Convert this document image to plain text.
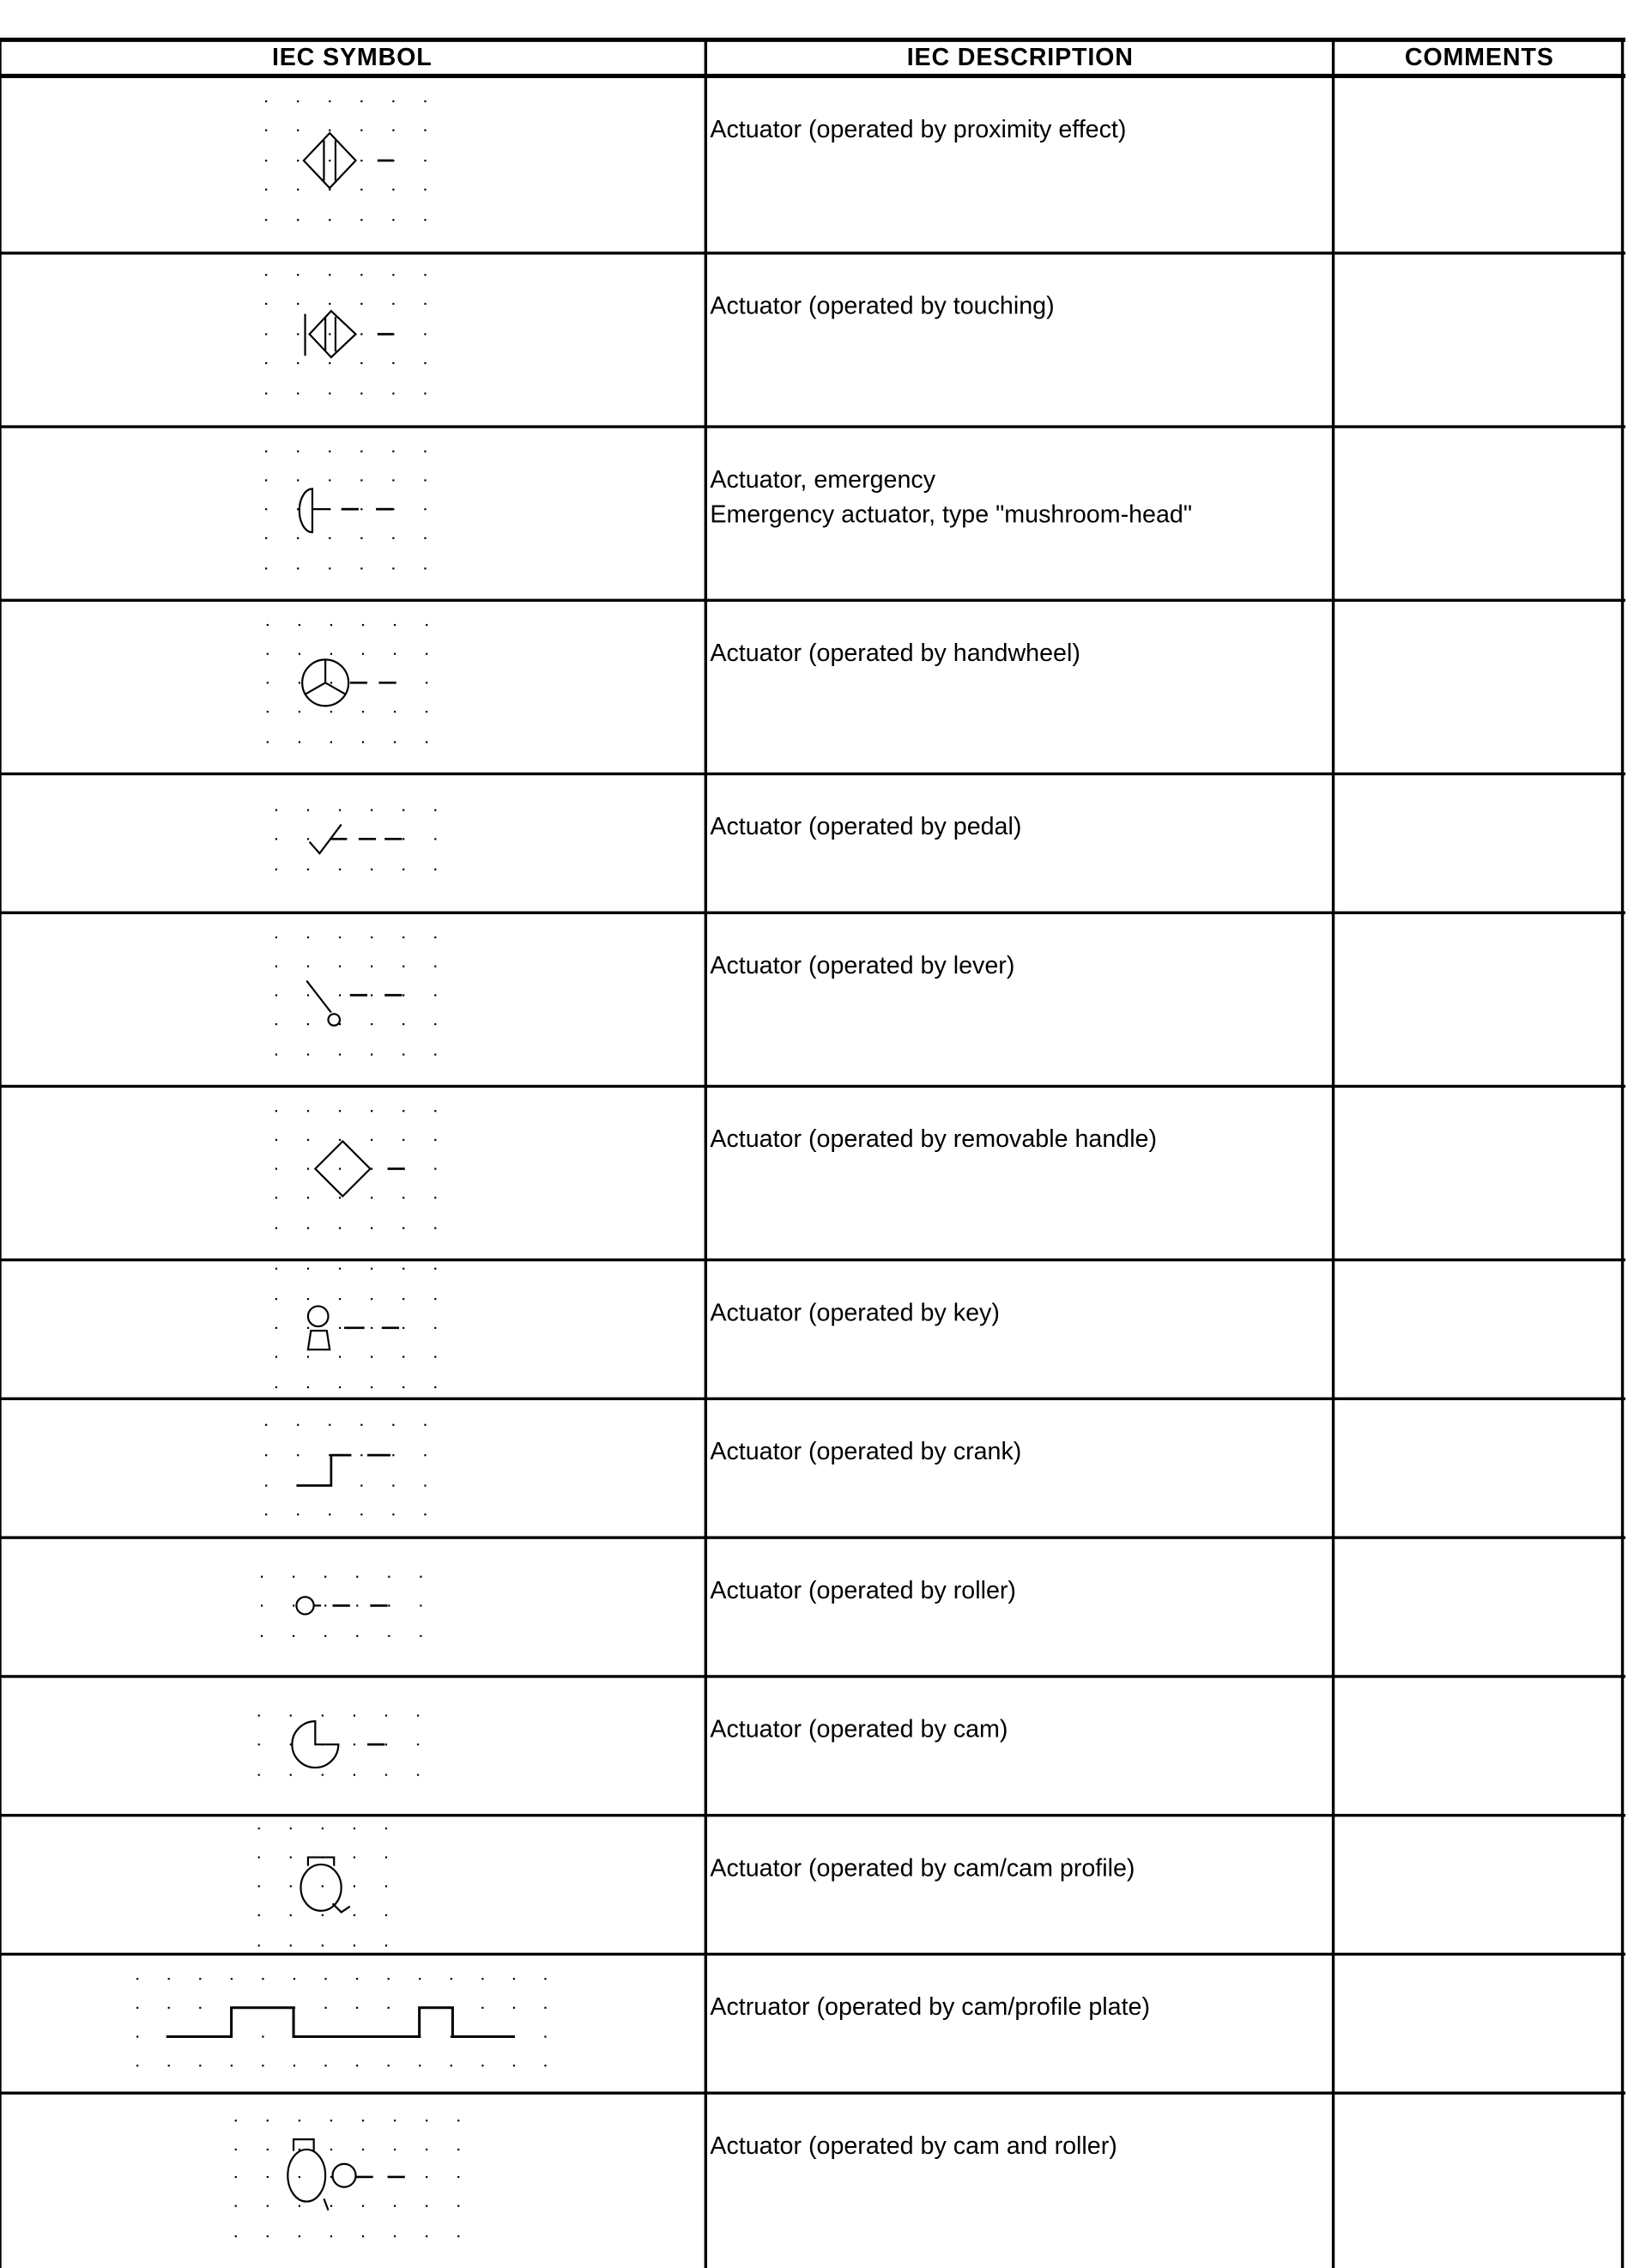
IEC SYMBOL	IEC DESCRIPTION	COMMENTS
Actuator (operated by proximity effect)
Actuator (operated by touching)
Actuator, emergency
Emergency actuator, type "mushroom-head"
Actuator (operated by handwheel)
Actuator (operated by pedal)
Actuator (operated by lever)
Actuator (operated by removable handle)
Actuator (operated by key)
Actuator (operated by crank)
Actuator (operated by roller)
Actuator (operated by cam)
Actuator (operated by cam/cam profile)
Actruator (operated by cam/profile plate)
Actuator (operated by cam and roller)
